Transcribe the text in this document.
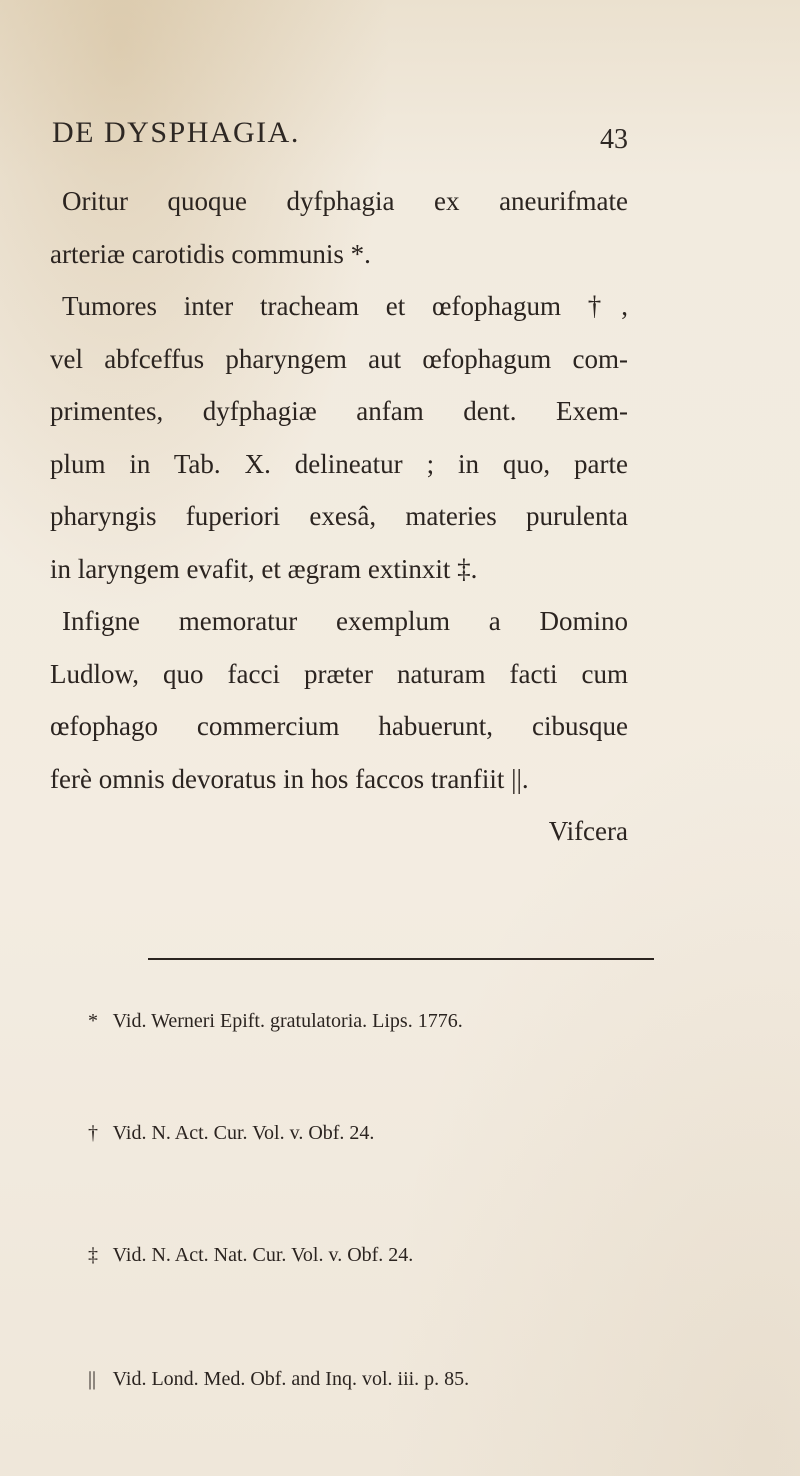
DE DYSPHAGIA.	43
Oritur quoque dyfphagia ex aneurifmate
arteriæ carotidis communis *.
Tumores inter tracheam et œfophagum †,
vel abfceffus pharyngem aut œfophagum com-
primentes, dyfphagiæ anfam dent. Exem-
plum in Tab. X. delineatur ; in quo, parte
pharyngis fuperiori exesâ, materies purulenta
in laryngem evafit, et ægram extinxit ‡.
Infigne memoratur exemplum a Domino
Ludlow, quo facci præter naturam facti cum
œfophago commercium habuerunt, cibusque
ferè omnis devoratus in hos faccos tranfiit ||.
Vifcera
* Vid. Werneri Epift. gratulatoria. Lips. 1776.
† Vid. N. Act. Cur. Vol. v. Obf. 24.
‡ Vid. N. Act. Nat. Cur. Vol. v. Obf. 24.
|| Vid. Lond. Med. Obf. and Inq. vol. iii. p. 85.
